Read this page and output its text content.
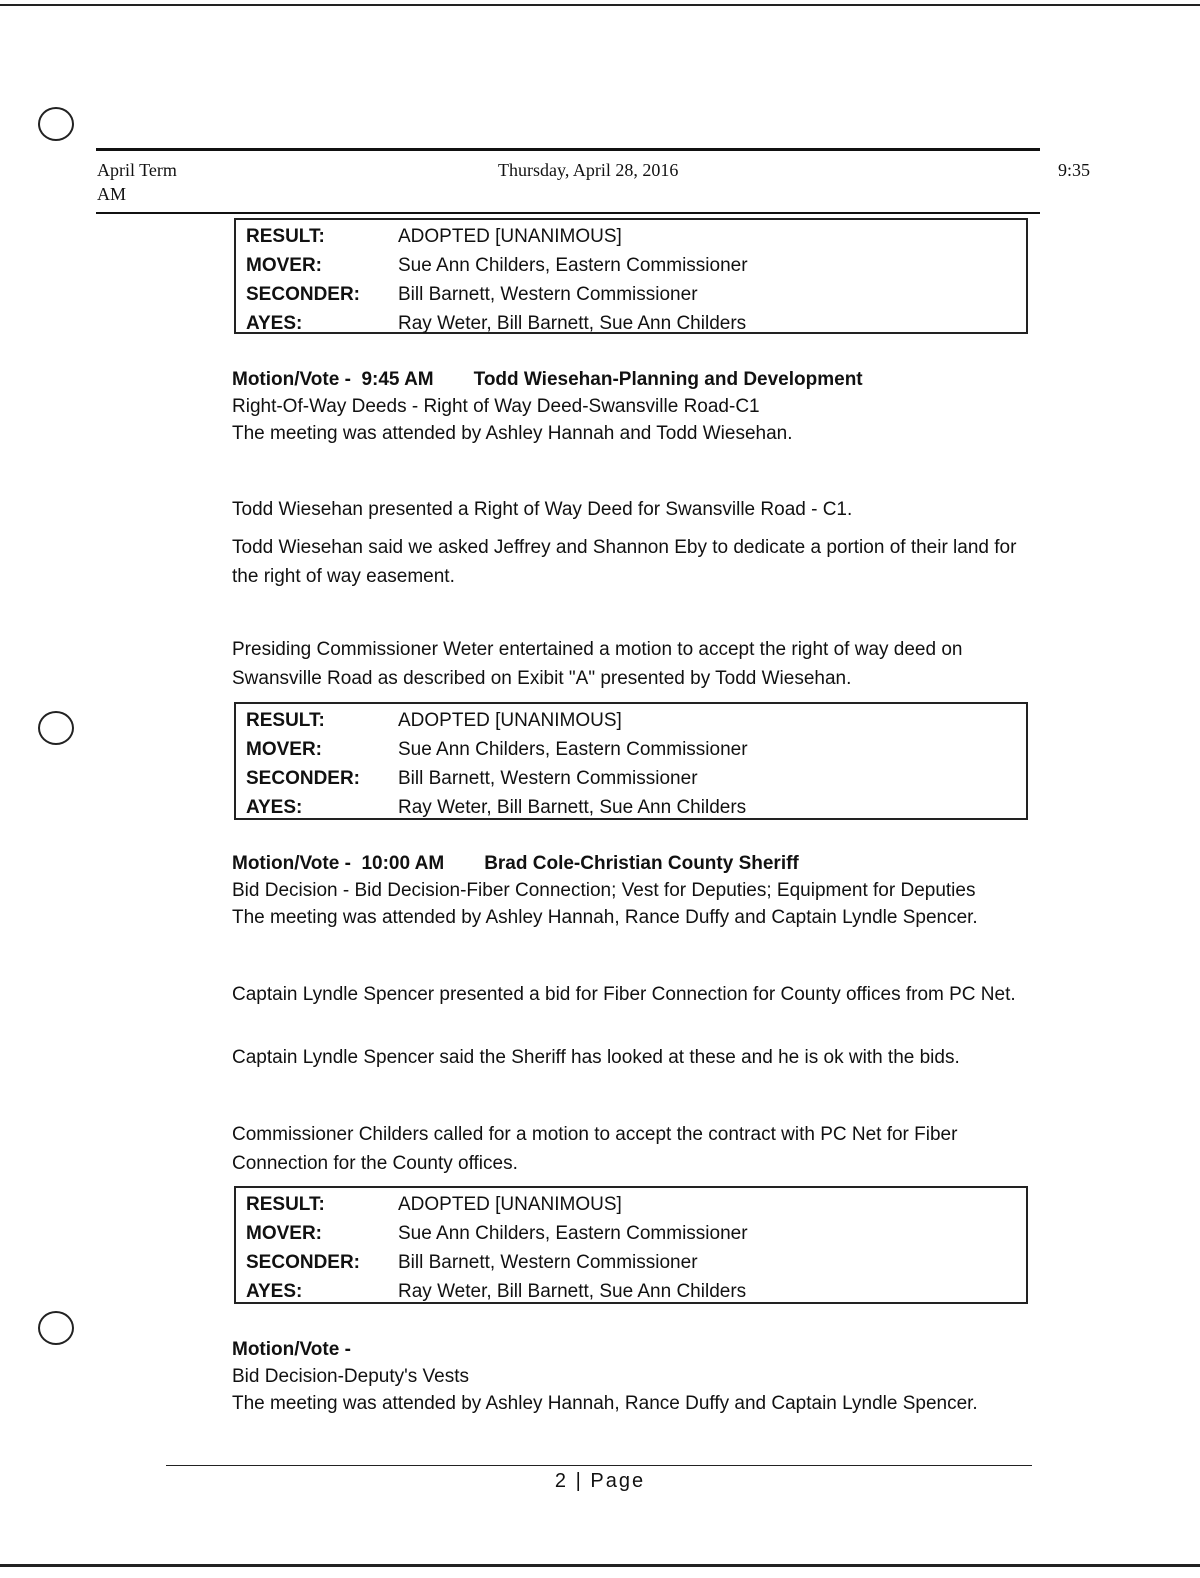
April Term
AM
Thursday, April 28, 2016	9:35
RESULT:	ADOPTED [UNANIMOUS]
MOVER:	Sue Ann Childers, Eastern Commissioner
SECONDER:	Bill Barnett, Western Commissioner
AYES:	Ray Weter, Bill Barnett, Sue Ann Childers
Motion/Vote - 9:45 AM Todd Wiesehan-Planning and Development
Right-Of-Way Deeds - Right of Way Deed-Swansville Road-C1
The meeting was attended by Ashley Hannah and Todd Wiesehan.
Todd Wiesehan presented a Right of Way Deed for Swansville Road - C1.
Todd Wiesehan said we asked Jeffrey and Shannon Eby to dedicate a portion of their land for the right of way easement.
Presiding Commissioner Weter entertained a motion to accept the right of way deed on Swansville Road as described on Exibit "A" presented by Todd Wiesehan.
RESULT:	ADOPTED [UNANIMOUS]
MOVER:	Sue Ann Childers, Eastern Commissioner
SECONDER:	Bill Barnett, Western Commissioner
AYES:	Ray Weter, Bill Barnett, Sue Ann Childers
Motion/Vote - 10:00 AM Brad Cole-Christian County Sheriff
Bid Decision - Bid Decision-Fiber Connection; Vest for Deputies; Equipment for Deputies
The meeting was attended by Ashley Hannah, Rance Duffy and Captain Lyndle Spencer.
Captain Lyndle Spencer presented a bid for Fiber Connection for County offices from PC Net.
Captain Lyndle Spencer said the Sheriff has looked at these and he is ok with the bids.
Commissioner Childers called for a motion to accept the contract with PC Net for Fiber Connection for the County offices.
RESULT:	ADOPTED [UNANIMOUS]
MOVER:	Sue Ann Childers, Eastern Commissioner
SECONDER:	Bill Barnett, Western Commissioner
AYES:	Ray Weter, Bill Barnett, Sue Ann Childers
Motion/Vote -
Bid Decision-Deputy's Vests
The meeting was attended by Ashley Hannah, Rance Duffy and Captain Lyndle Spencer.
2 | Page
